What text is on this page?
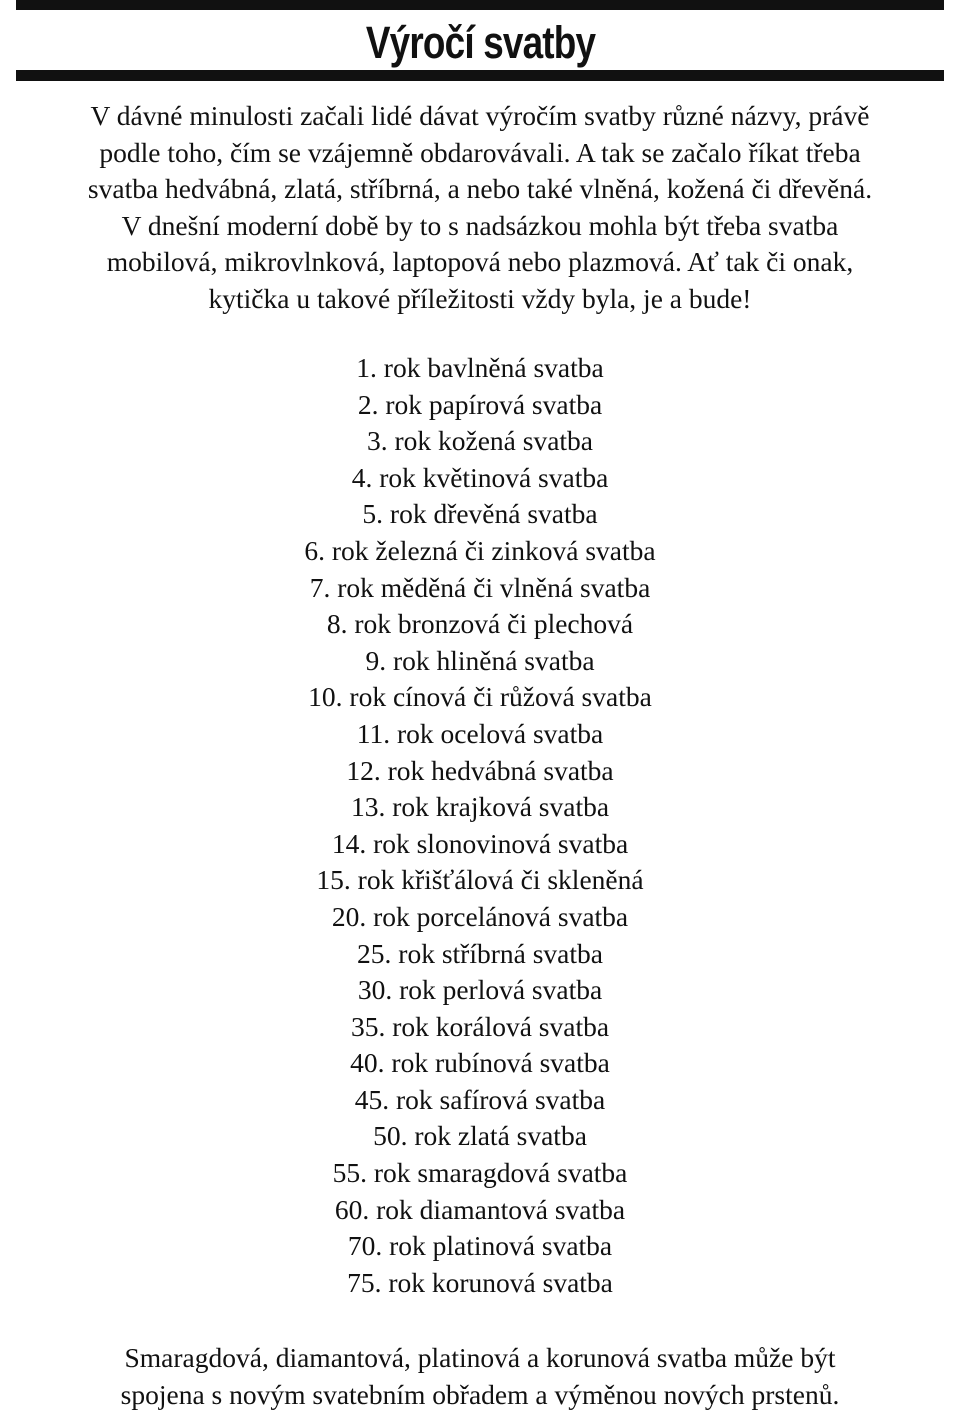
Výročí svatby
V dávné minulosti začali lidé dávat výročím svatby různé názvy, právě
podle toho, čím se vzájemně obdarovávali. A tak se začalo říkat třeba
svatba hedvábná, zlatá, stříbrná, a nebo také vlněná, kožená či dřevěná.
V dnešní moderní době by to s nadsázkou mohla být třeba svatba
mobilová, mikrovlnková, laptopová nebo plazmová. Ať tak či onak,
kytička u takové příležitosti vždy byla, je a bude!
1. rok bavlněná svatba
2. rok papírová svatba
3. rok kožená svatba
4. rok květinová svatba
5. rok dřevěná svatba
6. rok železná či zinková svatba
7. rok měděná či vlněná svatba
8. rok bronzová či plechová
9. rok hliněná svatba
10. rok cínová či růžová svatba
11. rok ocelová svatba
12. rok hedvábná svatba
13. rok krajková svatba
14. rok slonovinová svatba
15. rok křišťálová či skleněná
20. rok porcelánová svatba
25. rok stříbrná svatba
30. rok perlová svatba
35. rok korálová svatba
40. rok rubínová svatba
45. rok safírová svatba
50. rok zlatá svatba
55. rok smaragdová svatba
60. rok diamantová svatba
70. rok platinová svatba
75. rok korunová svatba
Smaragdová, diamantová, platinová a korunová svatba může být
spojena s novým svatebním obřadem a výměnou nových prstenů.
